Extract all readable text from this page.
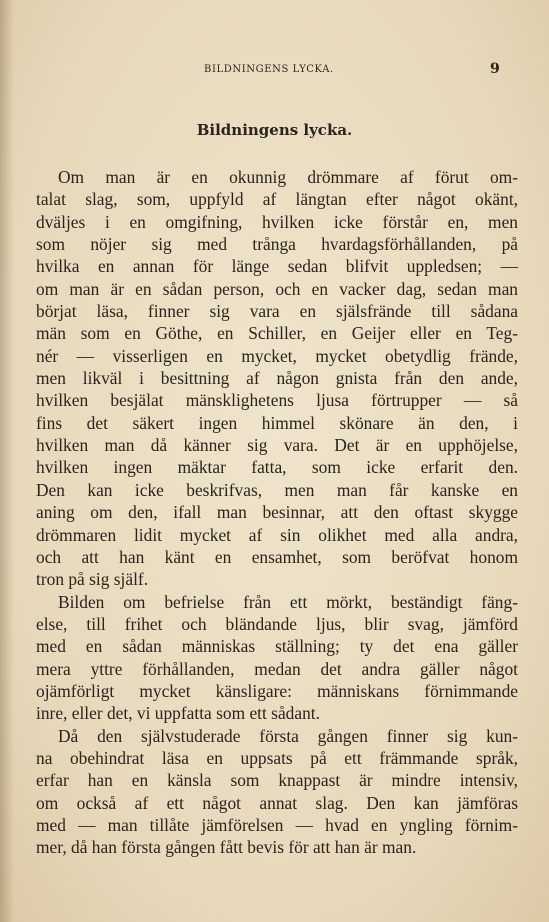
BILDNINGENS LYCKA.	9
Bildningens lycka.
Om man är en okunnig drömmare af förut om-
talat slag, som, uppfyld af längtan efter något okänt,
dväljes i en omgifning, hvilken icke förstår en, men
som nöjer sig med trånga hvardagsförhållanden, på
hvilka en annan för länge sedan blifvit uppledsen; —
om man är en sådan person, och en vacker dag, sedan man
börjat läsa, finner sig vara en själsfrände till sådana
män som en Göthe, en Schiller, en Geijer eller en Teg-
nér — visserligen en mycket, mycket obetydlig frände,
men likväl i besittning af någon gnista från den ande,
hvilken besjälat mänsklighetens ljusa förtrupper — så
fins det säkert ingen himmel skönare än den, i
hvilken man då känner sig vara. Det är en upphöjelse,
hvilken ingen mäktar fatta, som icke erfarit den.
Den kan icke beskrifvas, men man får kanske en
aning om den, ifall man besinnar, att den oftast skygge
drömmaren lidit mycket af sin olikhet med alla andra,
och att han känt en ensamhet, som beröfvat honom
tron på sig själf.
Bilden om befrielse från ett mörkt, beständigt fäng-
else, till frihet och bländande ljus, blir svag, jämförd
med en sådan människas ställning; ty det ena gäller
mera yttre förhållanden, medan det andra gäller något
ojämförligt mycket känsligare: människans förnimmande
inre, eller det, vi uppfatta som ett sådant.
Då den självstuderade första gången finner sig kun-
na obehindrat läsa en uppsats på ett främmande språk,
erfar han en känsla som knappast är mindre intensiv,
om också af ett något annat slag. Den kan jämföras
med — man tillåte jämförelsen — hvad en yngling förnim-
mer, då han första gången fått bevis för att han är man.
